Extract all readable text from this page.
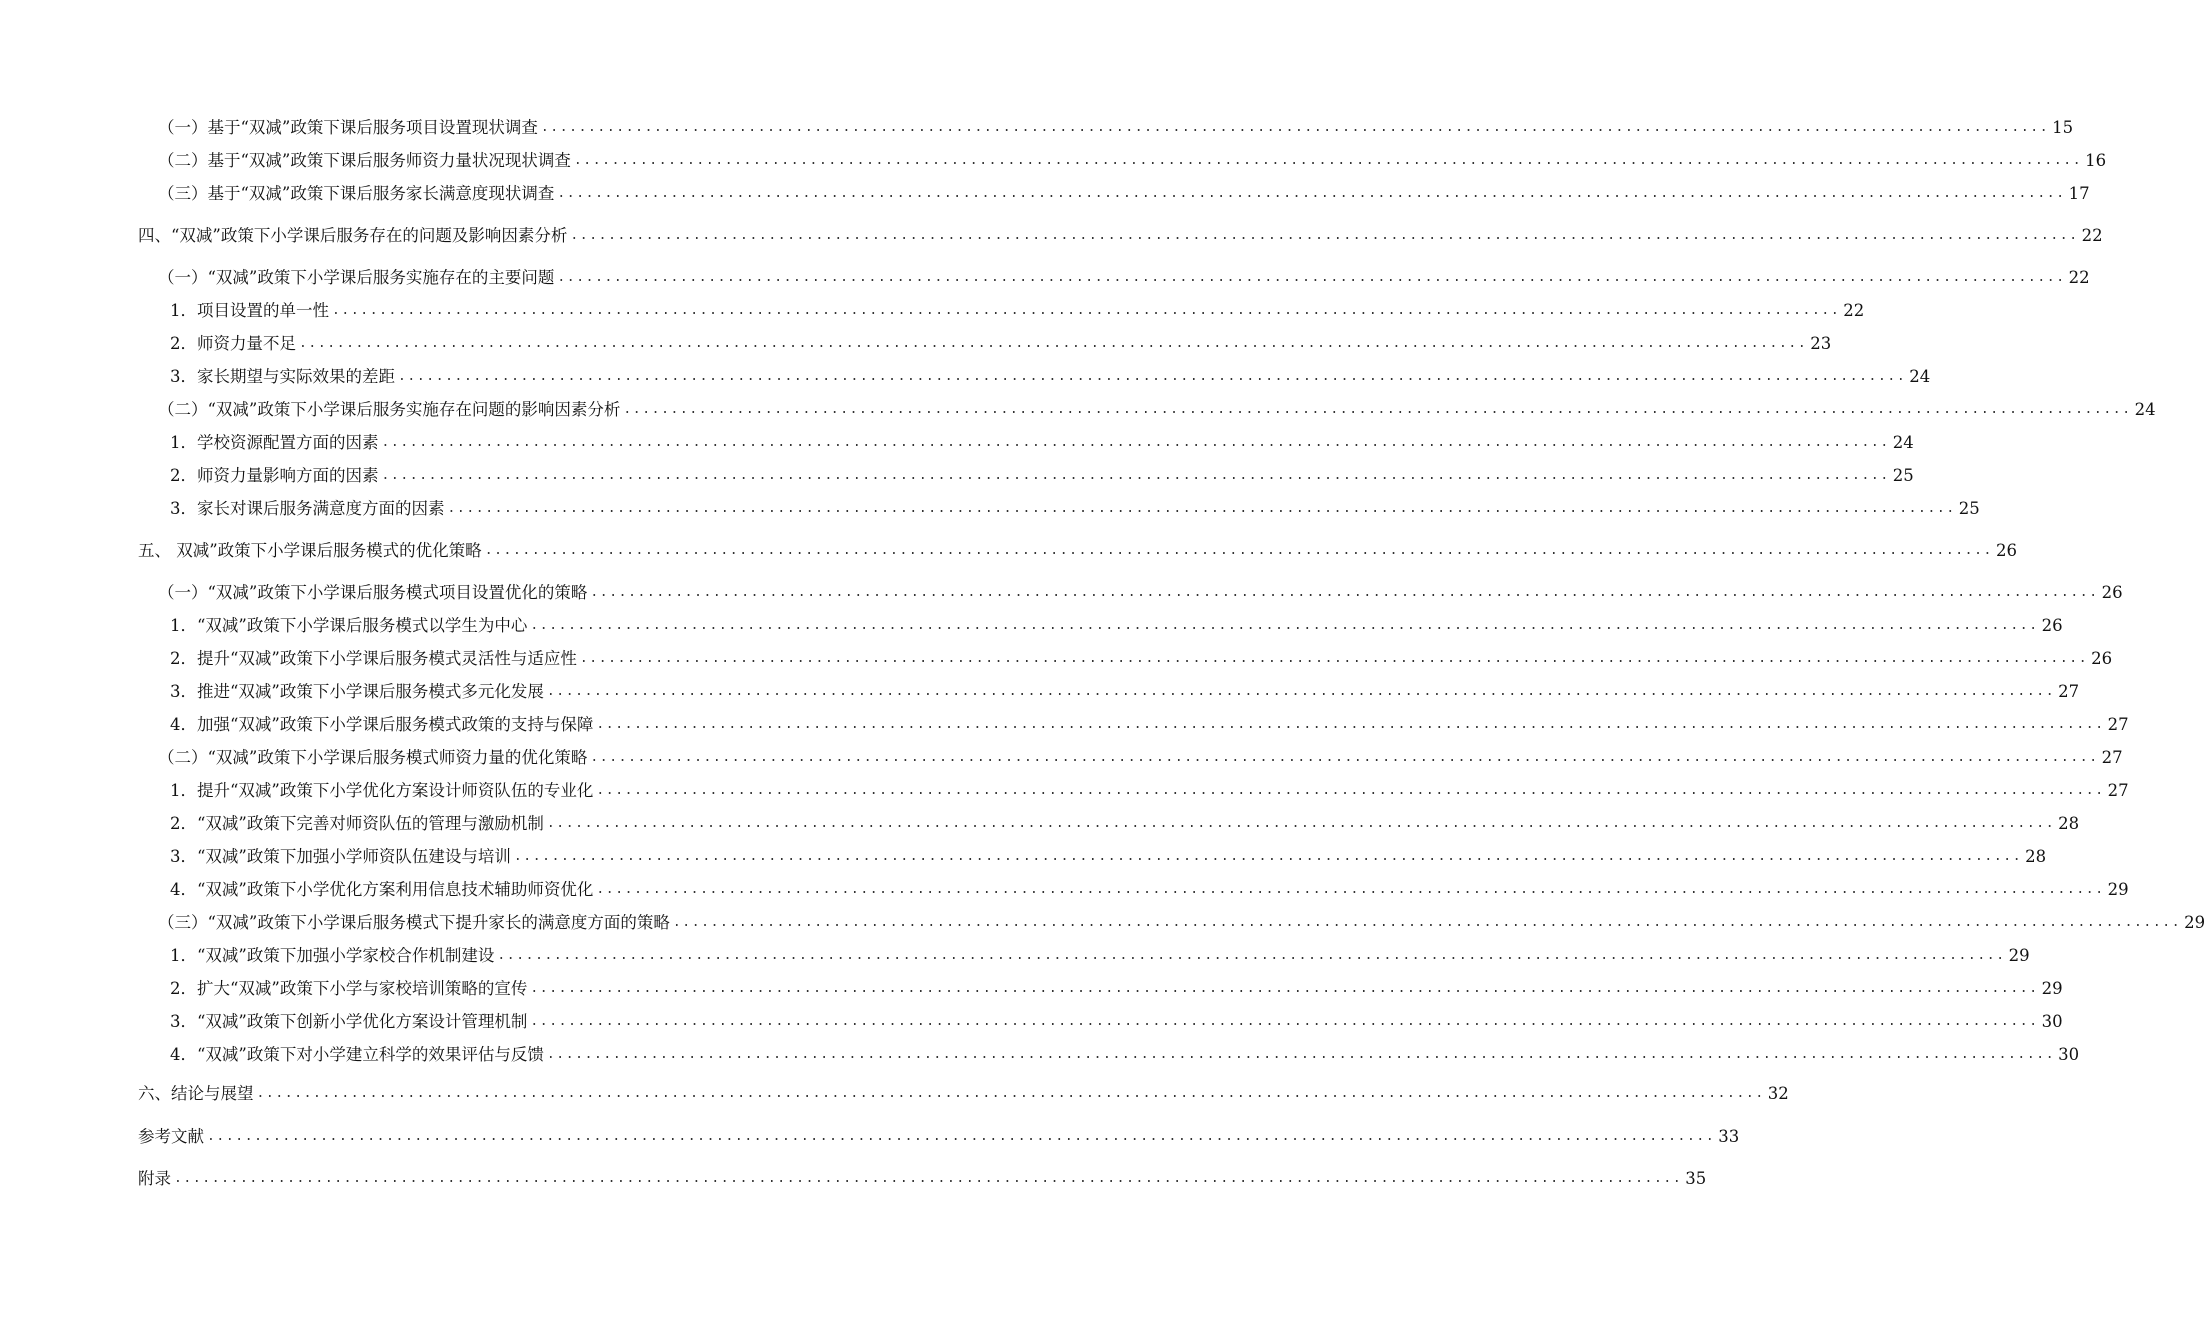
（一）基于“双减”政策下课后服务项目设置现状调查 ................................................................................................................................................................ 15
（二）基于“双减”政策下课后服务师资力量状况现状调查 ................................................................................................................................................................ 16
（三）基于“双减”政策下课后服务家长满意度现状调查 ................................................................................................................................................................ 17
四、“双减”政策下小学课后服务存在的问题及影响因素分析 ................................................................................................................................................................ 22
（一）“双减”政策下小学课后服务实施存在的主要问题 ................................................................................................................................................................ 22
1．项目设置的单一性 ................................................................................................................................................................ 22
2．师资力量不足 ................................................................................................................................................................ 23
3．家长期望与实际效果的差距 ................................................................................................................................................................ 24
（二）“双减”政策下小学课后服务实施存在问题的影响因素分析 ................................................................................................................................................................ 24
1．学校资源配置方面的因素 ................................................................................................................................................................ 24
2．师资力量影响方面的因素 ................................................................................................................................................................ 25
3．家长对课后服务满意度方面的因素 ................................................................................................................................................................ 25
五、 双减”政策下小学课后服务模式的优化策略 ................................................................................................................................................................ 26
（一）“双减”政策下小学课后服务模式项目设置优化的策略 ................................................................................................................................................................ 26
1．“双减”政策下小学课后服务模式以学生为中心 ................................................................................................................................................................ 26
2．提升“双减”政策下小学课后服务模式灵活性与适应性 ................................................................................................................................................................ 26
3．推进“双减”政策下小学课后服务模式多元化发展 ................................................................................................................................................................ 27
4．加强“双减”政策下小学课后服务模式政策的支持与保障 ................................................................................................................................................................ 27
（二）“双减”政策下小学课后服务模式师资力量的优化策略 ................................................................................................................................................................ 27
1．提升“双减”政策下小学优化方案设计师资队伍的专业化 ................................................................................................................................................................ 27
2．“双减”政策下完善对师资队伍的管理与激励机制 ................................................................................................................................................................ 28
3．“双减”政策下加强小学师资队伍建设与培训 ................................................................................................................................................................ 28
4．“双减”政策下小学优化方案利用信息技术辅助师资优化 ................................................................................................................................................................ 29
（三）“双减”政策下小学课后服务模式下提升家长的满意度方面的策略 ................................................................................................................................................................ 29
1．“双减”政策下加强小学家校合作机制建设 ................................................................................................................................................................ 29
2．扩大“双减”政策下小学与家校培训策略的宣传 ................................................................................................................................................................ 29
3．“双减”政策下创新小学优化方案设计管理机制 ................................................................................................................................................................ 30
4．“双减”政策下对小学建立科学的效果评估与反馈 ................................................................................................................................................................ 30
六、结论与展望 ................................................................................................................................................................ 32
参考文献 ................................................................................................................................................................ 33
附录 ................................................................................................................................................................ 35
